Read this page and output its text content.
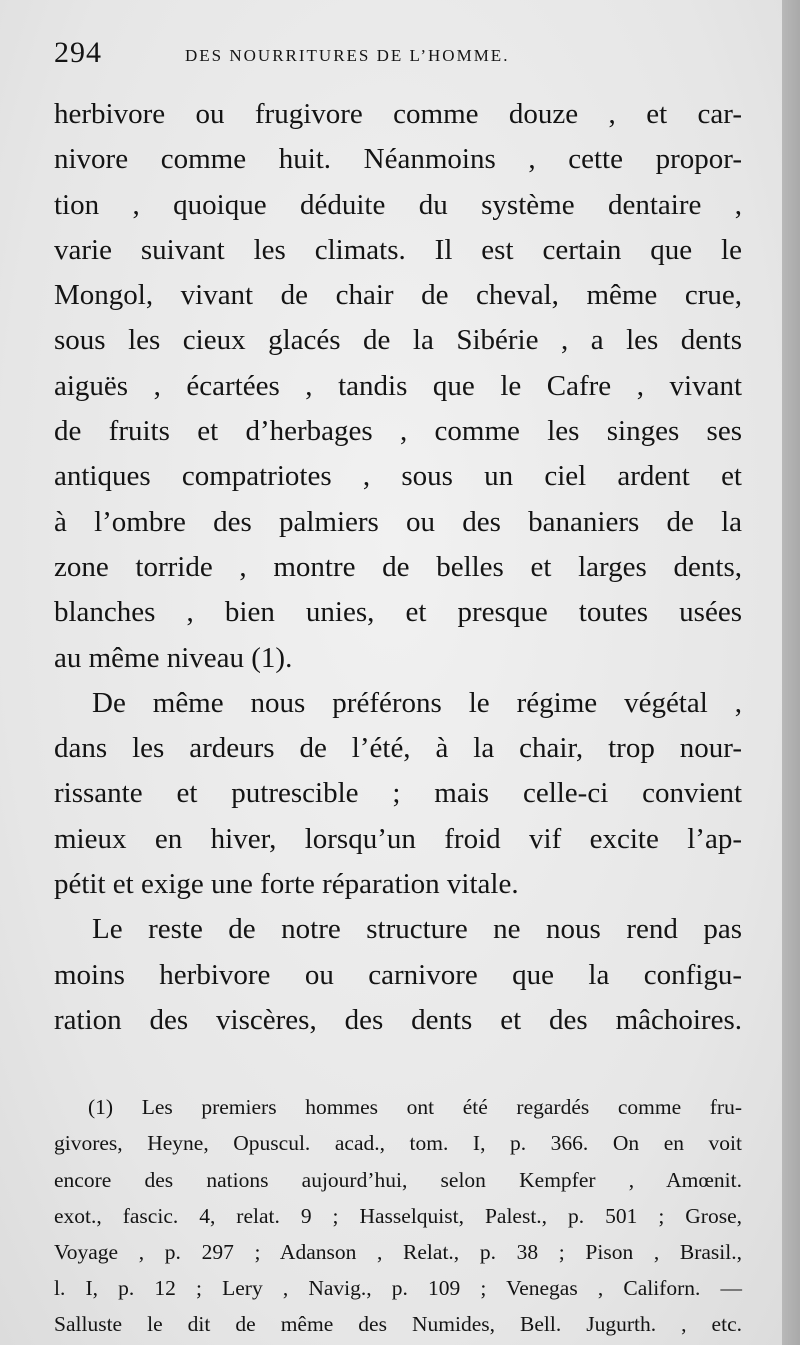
294	DES NOURRITURES DE L’HOMME.
herbivore ou frugivore comme douze , et car-
nivore comme huit. Néanmoins , cette propor-
tion , quoique déduite du système dentaire ,
varie suivant les climats. Il est certain que le
Mongol, vivant de chair de cheval, même crue,
sous les cieux glacés de la Sibérie , a les dents
aiguës , écartées , tandis que le Cafre , vivant
de fruits et d’herbages , comme les singes ses
antiques compatriotes , sous un ciel ardent et
à l’ombre des palmiers ou des bananiers de la
zone torride , montre de belles et larges dents,
blanches , bien unies, et presque toutes usées
au même niveau (1).
De même nous préférons le régime végétal ,
dans les ardeurs de l’été, à la chair, trop nour-
rissante et putrescible ; mais celle-ci convient
mieux en hiver, lorsqu’un froid vif excite l’ap-
pétit et exige une forte réparation vitale.
Le reste de notre structure ne nous rend pas
moins herbivore ou carnivore que la configu-
ration des viscères, des dents et des mâchoires.
(1) Les premiers hommes ont été regardés comme fru-
givores, Heyne, Opuscul. acad., tom. I, p. 366. On en voit
encore des nations aujourd’hui, selon Kempfer , Amœnit.
exot., fascic. 4, relat. 9 ; Hasselquist, Palest., p. 501 ; Grose,
Voyage , p. 297 ; Adanson , Relat., p. 38 ; Pison , Brasil.,
l. I, p. 12 ; Lery , Navig., p. 109 ; Venegas , Californ. —
Salluste le dit de même des Numides, Bell. Jugurth. , etc.
